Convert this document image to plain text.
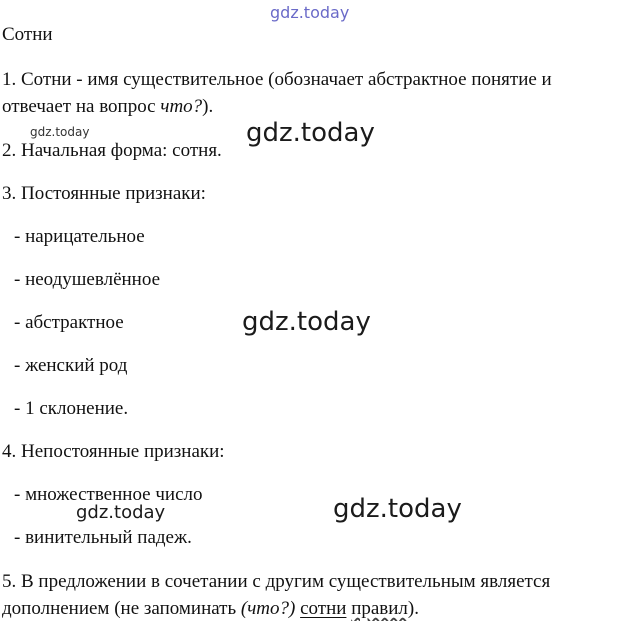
gdz.today
gdz.today	gdz.today
gdz.today
gdz.today	gdz.today
Сотни
1. Сотни - имя существительное (обозначает абстрактное понятие и
отвечает на вопрос что?).
2. Начальная форма: сотня.
3. Постоянные признаки:
- нарицательное
- неодушевлённое
- абстрактное
- женский род
- 1 склонение.
4. Непостоянные признаки:
- множественное число
- винительный падеж.
5. В предложении в сочетании с другим существительным является
дополнением (не запоминать (что?) сотни правил).
